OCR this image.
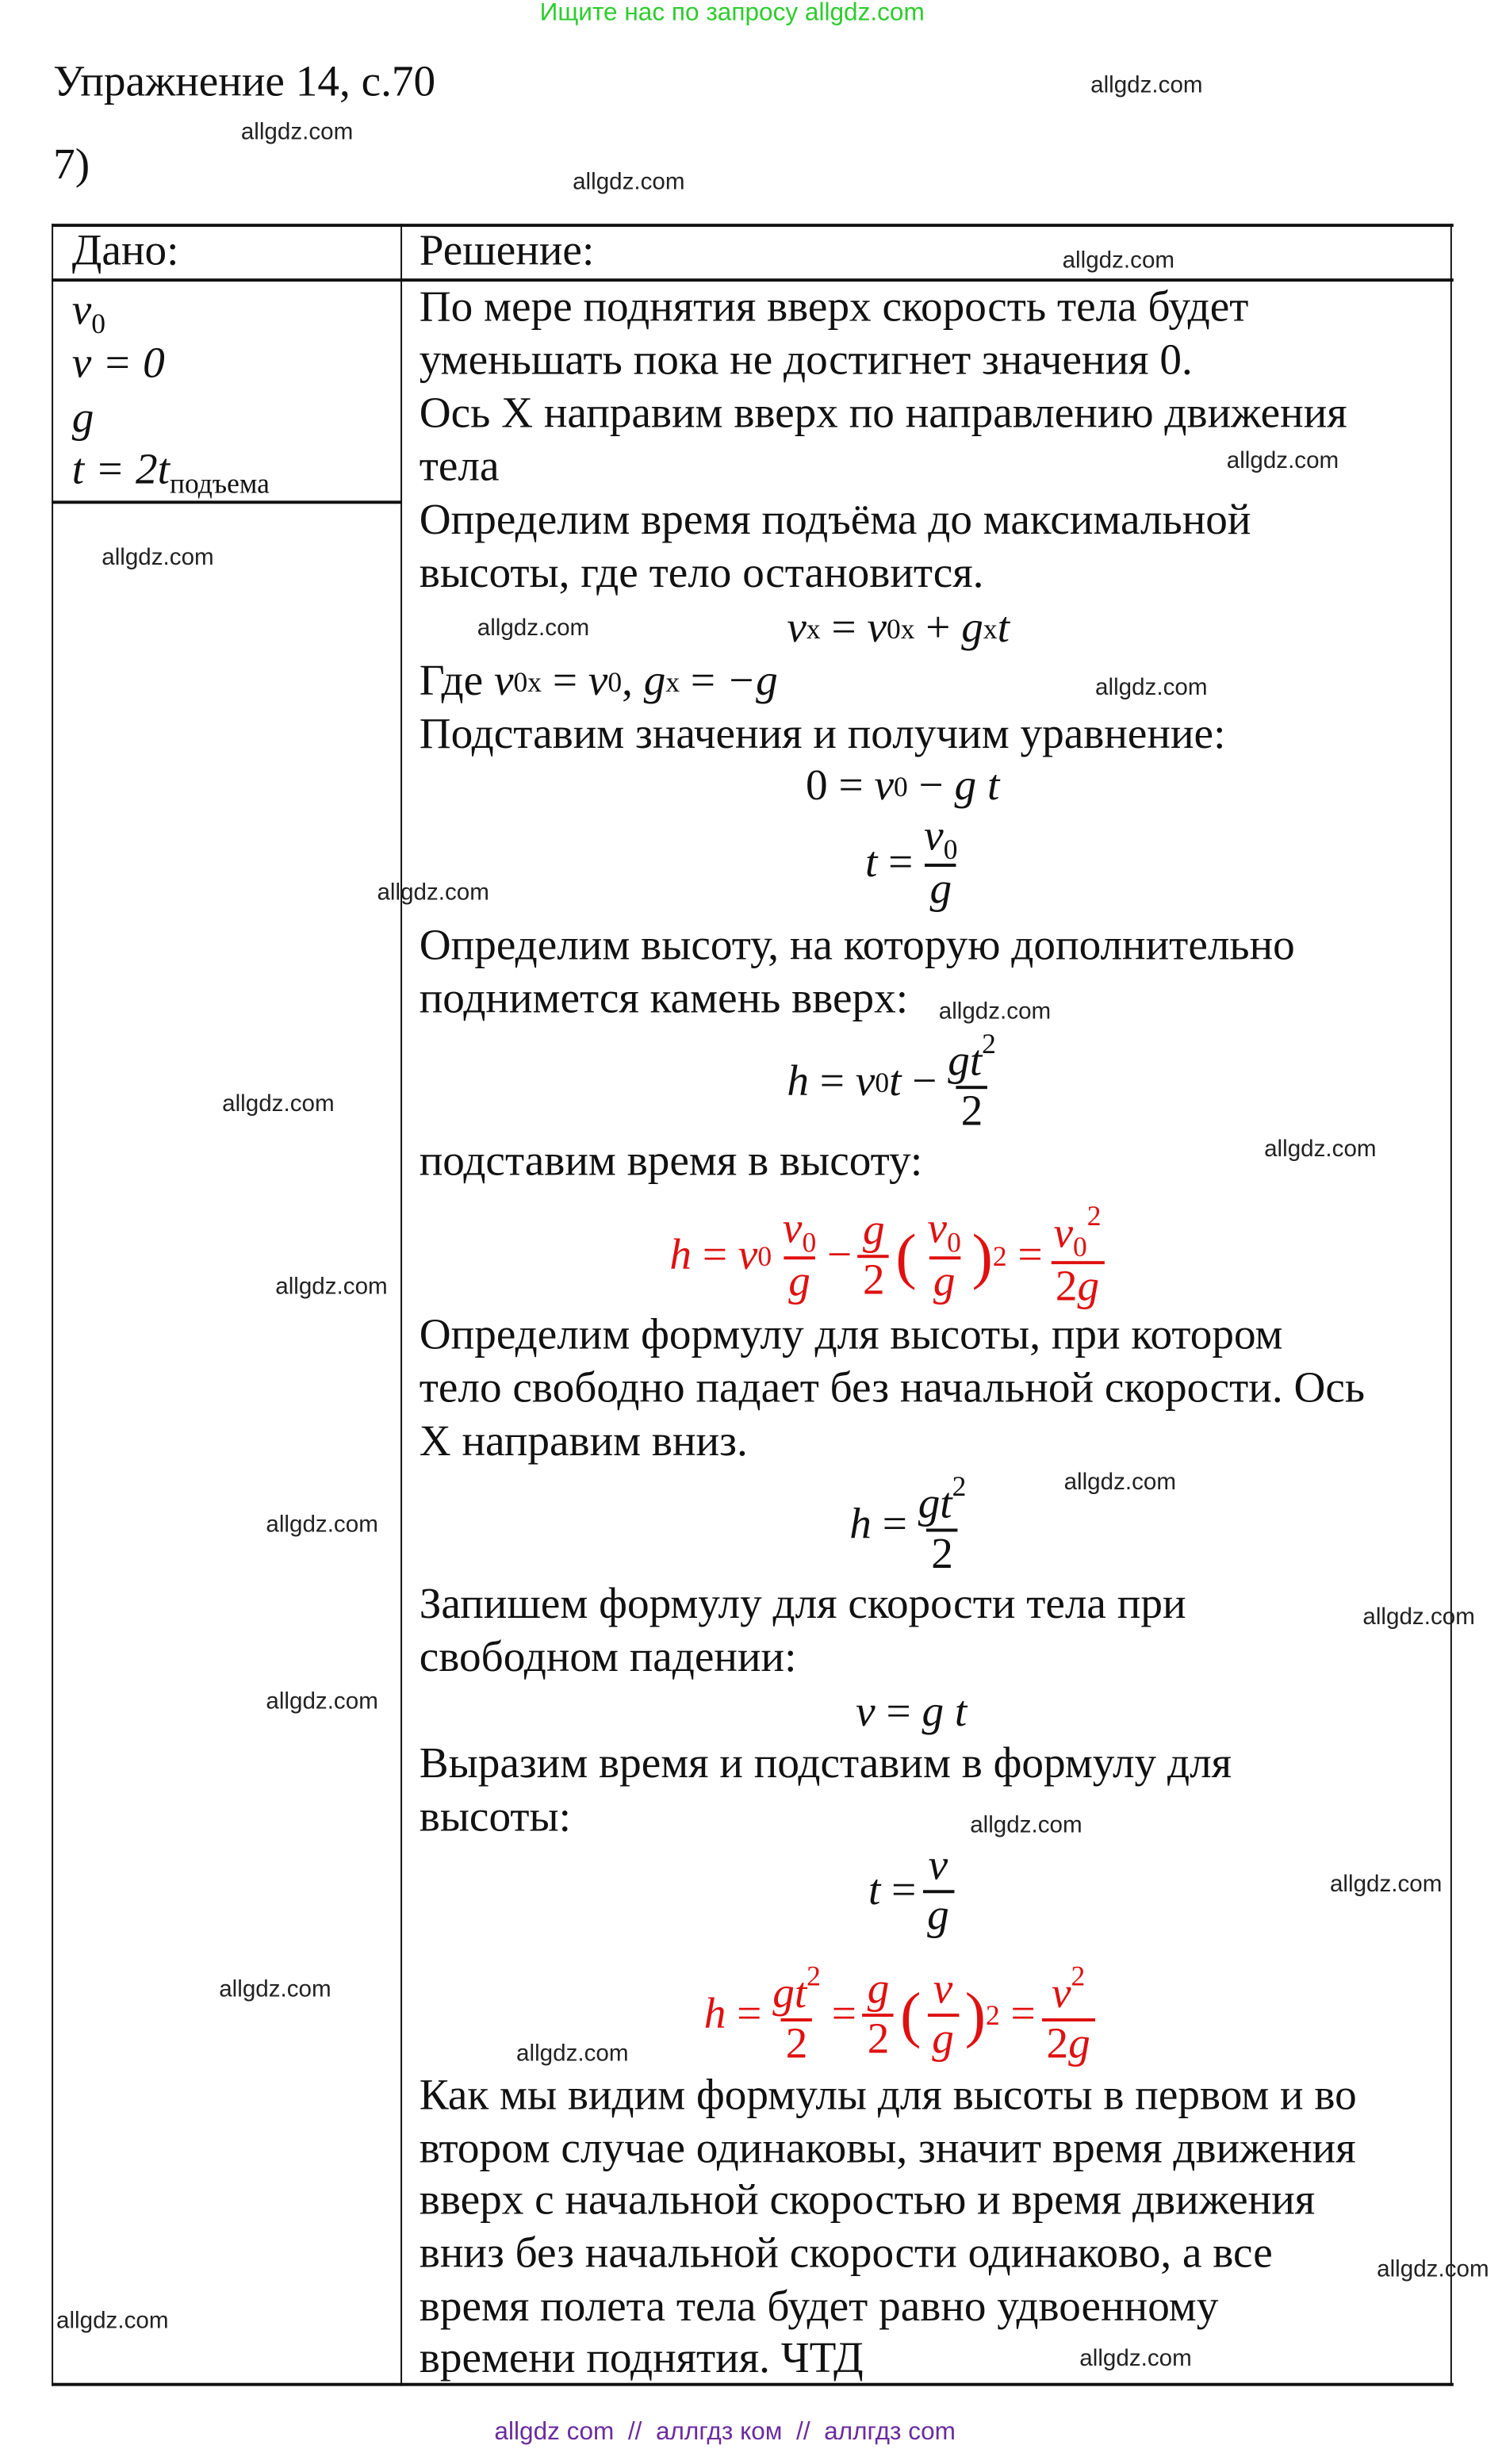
Ищите нас по запросу allgdz.com
Упражнение 14, с.70
7)
Дано:	Решение:
$v_0$
v = 0
g
$t = 2t_{подъема}$
По мере поднятия вверх скорость тела будет
уменьшать пока не достигнет значения 0.
Ось X направим вверх по направлению движения
тела
Определим время подъёма до максимальной
высоты, где тело остановится.
v x
=
v 0x
+
g x t
Где
v 0x
=
v 0 ,
g x
=
−g
Подставим значения и получим уравнение:
0
=
v 0
−
g
t
t
= $\frac{v_0}{g}$
Определим высоту, на которую дополнительно
поднимется камень вверх:
h
=
v 0 t
− $\frac{gt^2}{2}$
подставим время в высоту:
h
=
v $0 \frac{v_0}{g} - \frac{g}{2}$ ( $\frac{v_0}{g}$ ) 2
= $\frac{v_0^2}{2g}$
Определим формулу для высоты, при котором
тело свободно падает без начальной скорости. Ось
X направим вниз.
h
= $\frac{gt^2}{2}$
Запишем формулу для скорости тела при
свободном падении:
v
=
g
t
Выразим время и подставим в формулу для
высоты:
t
= $\frac{v}{g}$
h
= $\frac{gt^2}{2} = \frac{g}{2}$ ( $\frac{v}{g}$ ) 2
= $\frac{v^2}{2g}$
Как мы видим формулы для высоты в первом и во
втором случае одинаковы, значит время движения
вверх с начальной скоростью и время движения
вниз без начальной скорости одинаково, а все
время полета тела будет равно удвоенному
времени поднятия. ЧТД
allgdz.com
allgdz.com
allgdz.com
allgdz.com
allgdz.com
allgdz.com
allgdz.com
allgdz.com
allgdz.com
allgdz.com
allgdz.com
allgdz.com
allgdz.com
allgdz.com
allgdz.com
allgdz.com
allgdz.com
allgdz.com
allgdz.com
allgdz.com
allgdz.com
allgdz.com
allgdz.com
allgdz.com
allgdz com  //  аллгдз ком  //  аллгдз com
